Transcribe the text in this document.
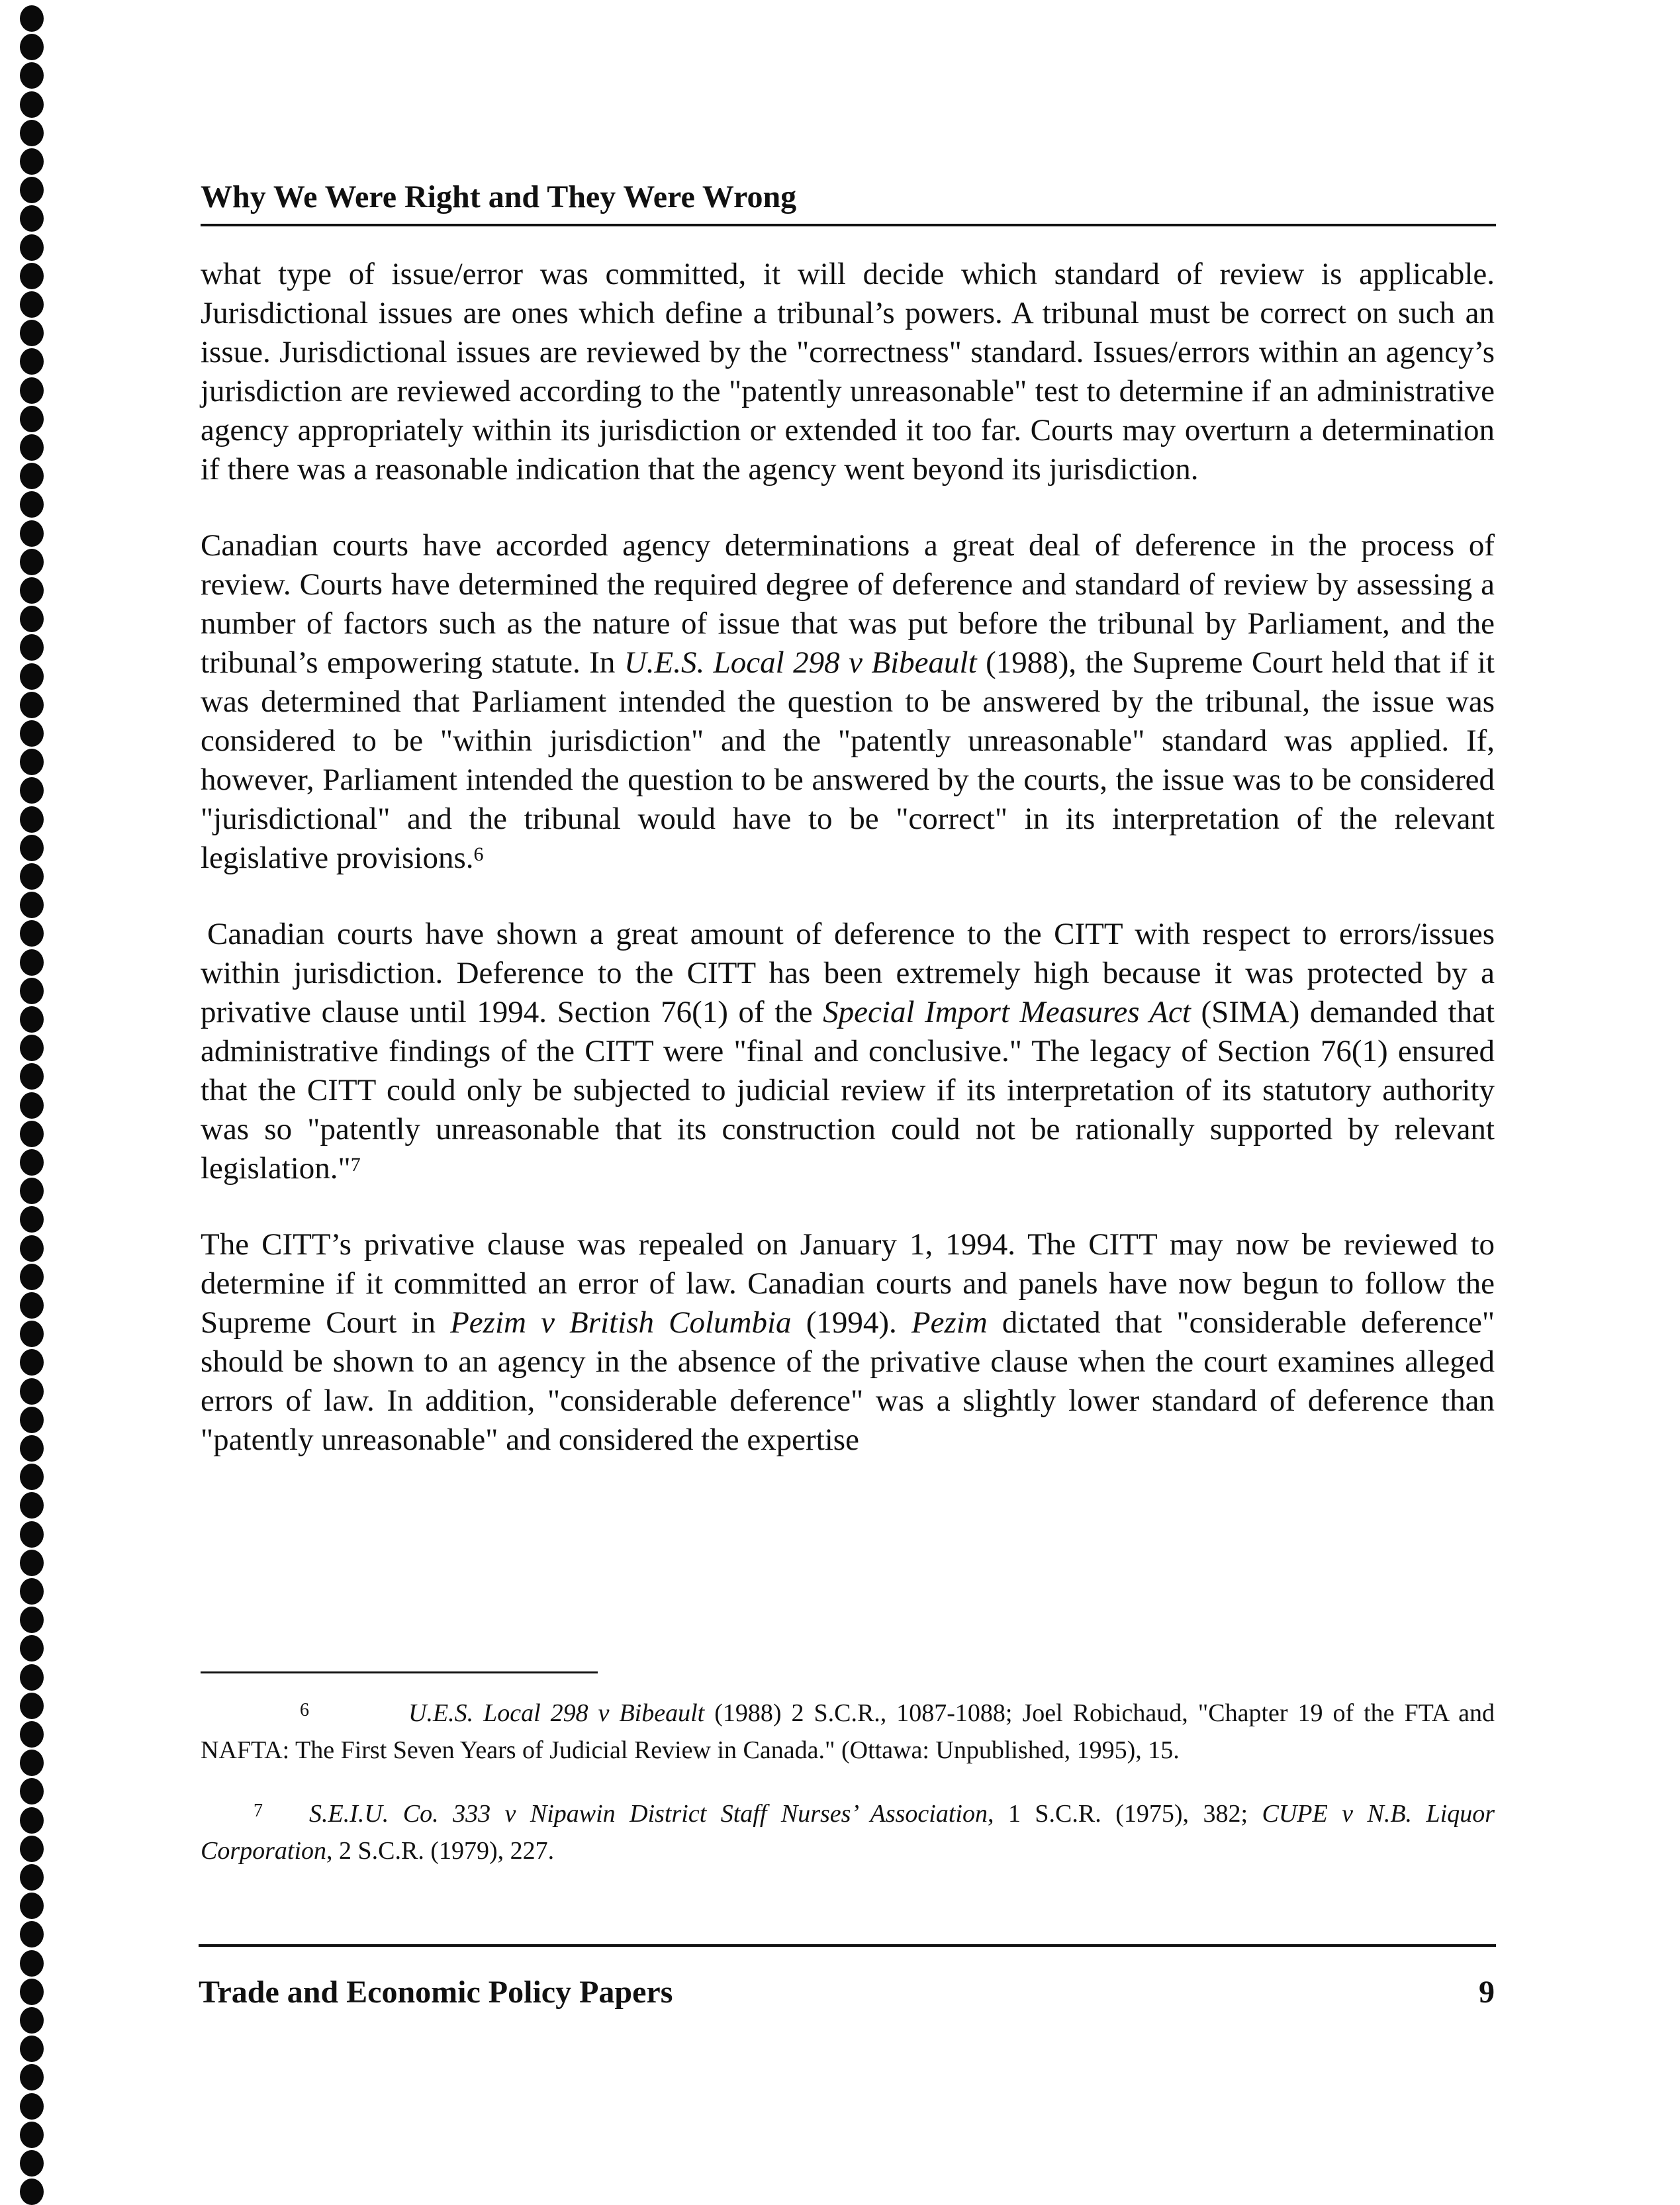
Why We Were Right and They Were Wrong

what type of issue/error was committed, it will decide which standard of review is applicable. Jurisdictional issues are ones which define a tribunal’s powers. A tribunal must be correct on such an issue. Jurisdictional issues are reviewed by the "correctness" standard. Issues/errors within an agency’s jurisdiction are reviewed according to the "patently unreasonable" test to determine if an administrative agency appropriately within its jurisdiction or extended it too far. Courts may overturn a determination if there was a reasonable indication that the agency went beyond its jurisdiction.

Canadian courts have accorded agency determinations a great deal of deference in the process of review. Courts have determined the required degree of deference and standard of review by assessing a number of factors such as the nature of issue that was put before the tribunal by Parliament, and the tribunal’s empowering statute. In U.E.S. Local 298 v Bibeault (1988), the Supreme Court held that if it was determined that Parliament intended the question to be answered by the tribunal, the issue was considered to be "within jurisdiction" and the "patently unreasonable" standard was applied. If, however, Parliament intended the question to be answered by the courts, the issue was to be considered "jurisdictional" and the tribunal would have to be "correct" in its interpretation of the relevant legislative provisions.$^6$

Canadian courts have shown a great amount of deference to the CITT with respect to errors/issues within jurisdiction. Deference to the CITT has been extremely high because it was protected by a privative clause until 1994. Section 76(1) of the Special Import Measures Act (SIMA) demanded that administrative findings of the CITT were "final and conclusive." The legacy of Section 76(1) ensured that the CITT could only be subjected to judicial review if its interpretation of its statutory authority was so "patently unreasonable that its construction could not be rationally supported by relevant legislation."$^7$

The CITT’s privative clause was repealed on January 1, 1994. The CITT may now be reviewed to determine if it committed an error of law. Canadian courts and panels have now begun to follow the Supreme Court in Pezim v British Columbia (1994). Pezim dictated that "considerable deference" should be shown to an agency in the absence of the privative clause when the court examines alleged errors of law. In addition, "considerable deference" was a slightly lower standard of deference than "patently unreasonable" and considered the expertise

6	U.E.S. Local 298 v Bibeault (1988) 2 S.C.R., 1087-1088; Joel Robichaud, "Chapter 19 of the FTA and NAFTA: The First Seven Years of Judicial Review in Canada." (Ottawa: Unpublished, 1995), 15.

7 S.E.I.U. Co. 333 v Nipawin District Staff Nurses’ Association, 1 S.C.R. (1975), 382; CUPE v N.B. Liquor Corporation, 2 S.C.R. (1979), 227.

Trade and Economic Policy Papers	9
